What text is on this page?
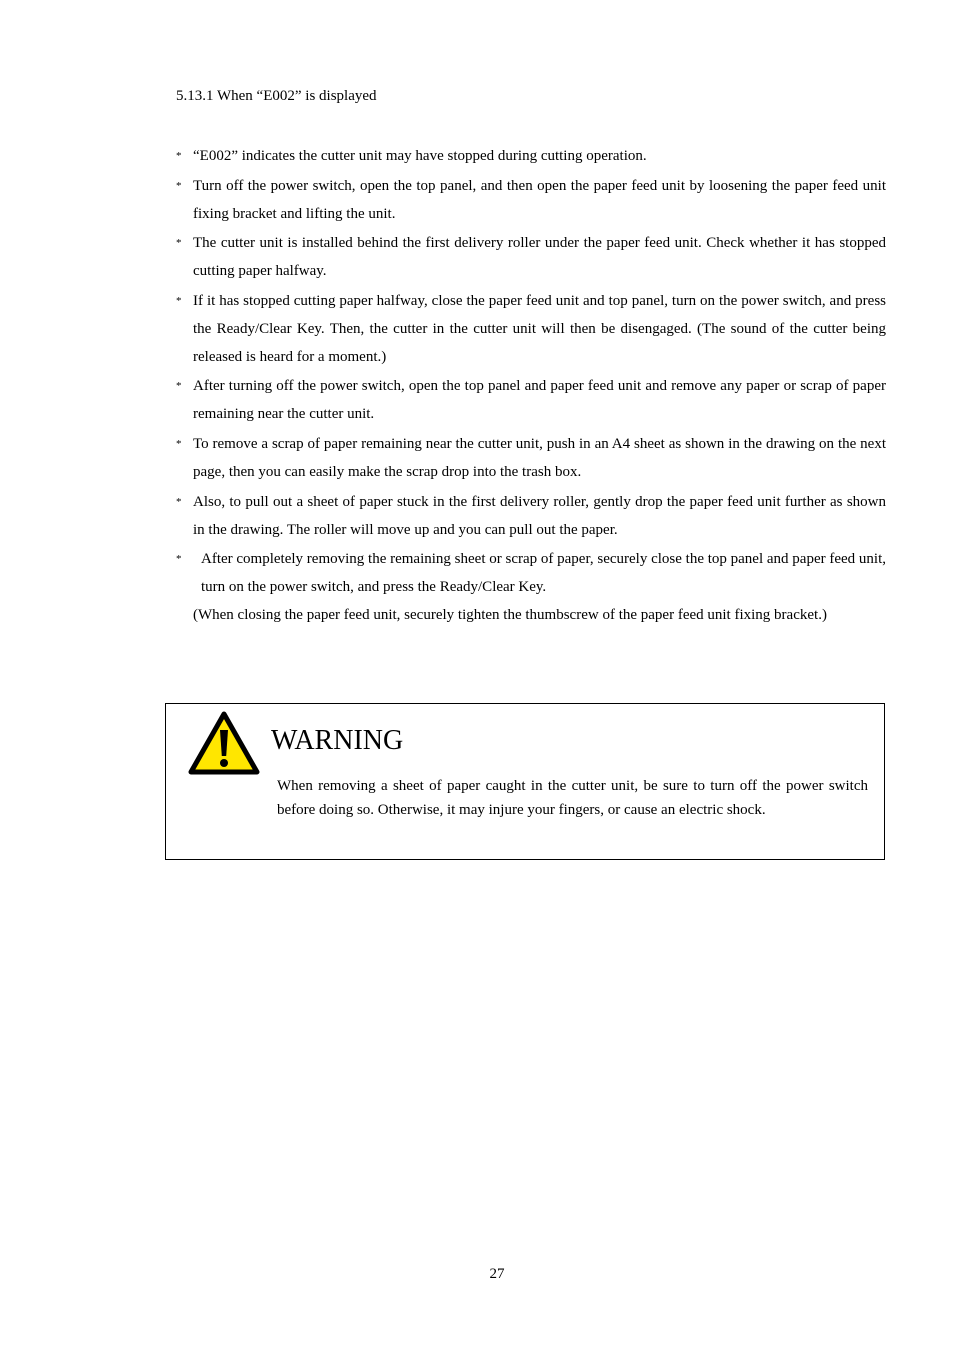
5.13.1 When “E002” is displayed
* “E002” indicates the cutter unit may have stopped during cutting operation.
* Turn off the power switch, open the top panel, and then open the paper feed unit by loosening the paper feed unit fixing bracket and lifting the unit.
* The cutter unit is installed behind the first delivery roller under the paper feed unit. Check whether it has stopped cutting paper halfway.
* If it has stopped cutting paper halfway, close the paper feed unit and top panel, turn on the power switch, and press the Ready/Clear Key. Then, the cutter in the cutter unit will then be disengaged. (The sound of the cutter being released is heard for a moment.)
* After turning off the power switch, open the top panel and paper feed unit and remove any paper or scrap of paper remaining near the cutter unit.
* To remove a scrap of paper remaining near the cutter unit, push in an A4 sheet as shown in the drawing on the next page, then you can easily make the scrap drop into the trash box.
* Also, to pull out a sheet of paper stuck in the first delivery roller, gently drop the paper feed unit further as shown in the drawing. The roller will move up and you can pull out the paper.
* After completely removing the remaining sheet or scrap of paper, securely close the top panel and paper feed unit, turn on the power switch, and press the Ready/Clear Key.
(When closing the paper feed unit, securely tighten the thumbscrew of the paper feed unit fixing bracket.)
WARNING

When removing a sheet of paper caught in the cutter unit, be sure to turn off the power switch before doing so. Otherwise, it may injure your fingers, or cause an electric shock.

27
